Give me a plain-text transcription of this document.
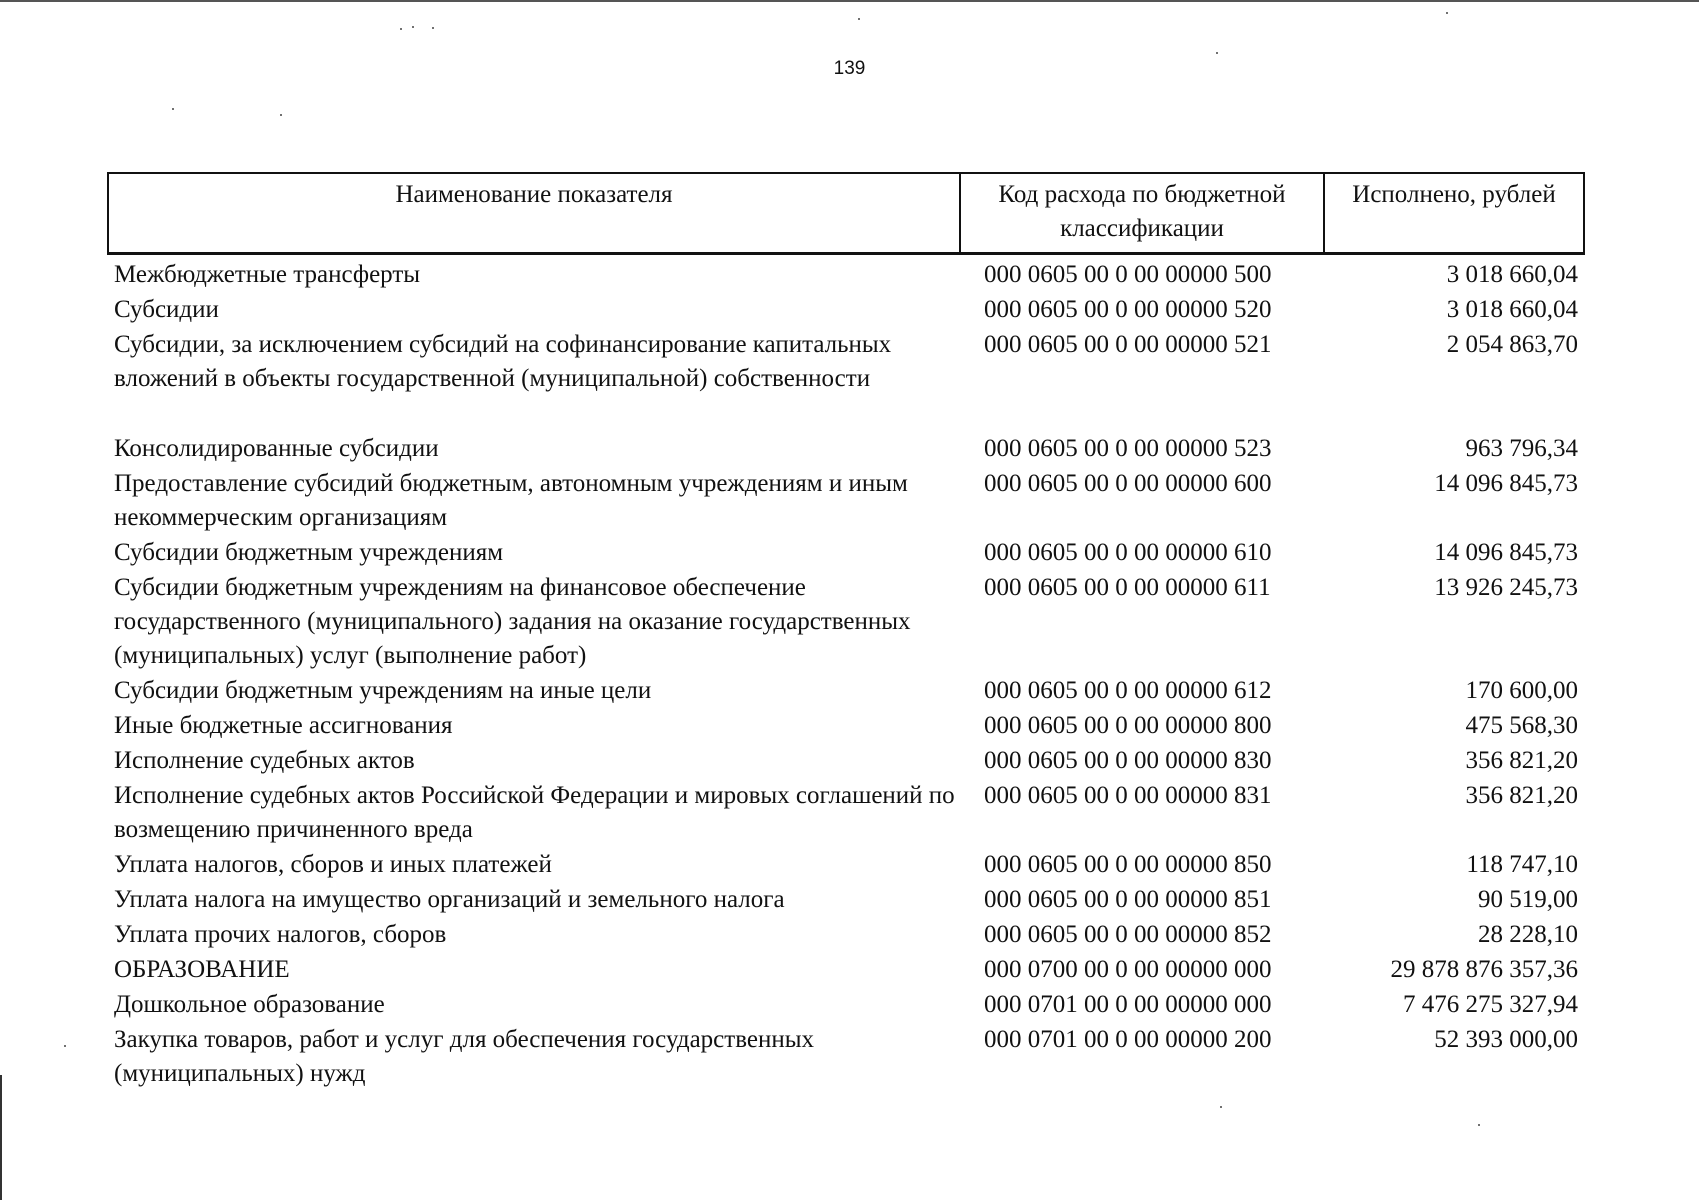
139
Наименование показателя	Код расхода по бюджетной классификации	Исполнено, рублей
Межбюджетные трансферты	000 0605 00 0 00 00000 500	3 018 660,04
Субсидии	000 0605 00 0 00 00000 520	3 018 660,04
Субсидии, за исключением субсидий на софинансирование капитальных вложений в объекты государственной (муниципальной) собственности	000 0605 00 0 00 00000 521	2 054 863,70
Консолидированные субсидии	000 0605 00 0 00 00000 523	963 796,34
Предоставление субсидий бюджетным, автономным учреждениям и иным некоммерческим организациям	000 0605 00 0 00 00000 600	14 096 845,73
Субсидии бюджетным учреждениям	000 0605 00 0 00 00000 610	14 096 845,73
Субсидии бюджетным учреждениям на финансовое обеспечение государственного (муниципального) задания на оказание государственных (муниципальных) услуг (выполнение работ)	000 0605 00 0 00 00000 611	13 926 245,73
Субсидии бюджетным учреждениям на иные цели	000 0605 00 0 00 00000 612	170 600,00
Иные бюджетные ассигнования	000 0605 00 0 00 00000 800	475 568,30
Исполнение судебных актов	000 0605 00 0 00 00000 830	356 821,20
Исполнение судебных актов Российской Федерации и мировых соглашений по возмещению причиненного вреда	000 0605 00 0 00 00000 831	356 821,20
Уплата налогов, сборов и иных платежей	000 0605 00 0 00 00000 850	118 747,10
Уплата налога на имущество организаций и земельного налога	000 0605 00 0 00 00000 851	90 519,00
Уплата прочих налогов, сборов	000 0605 00 0 00 00000 852	28 228,10
ОБРАЗОВАНИЕ	000 0700 00 0 00 00000 000	29 878 876 357,36
Дошкольное образование	000 0701 00 0 00 00000 000	7 476 275 327,94
Закупка товаров, работ и услуг для обеспечения государственных (муниципальных) нужд	000 0701 00 0 00 00000 200	52 393 000,00
